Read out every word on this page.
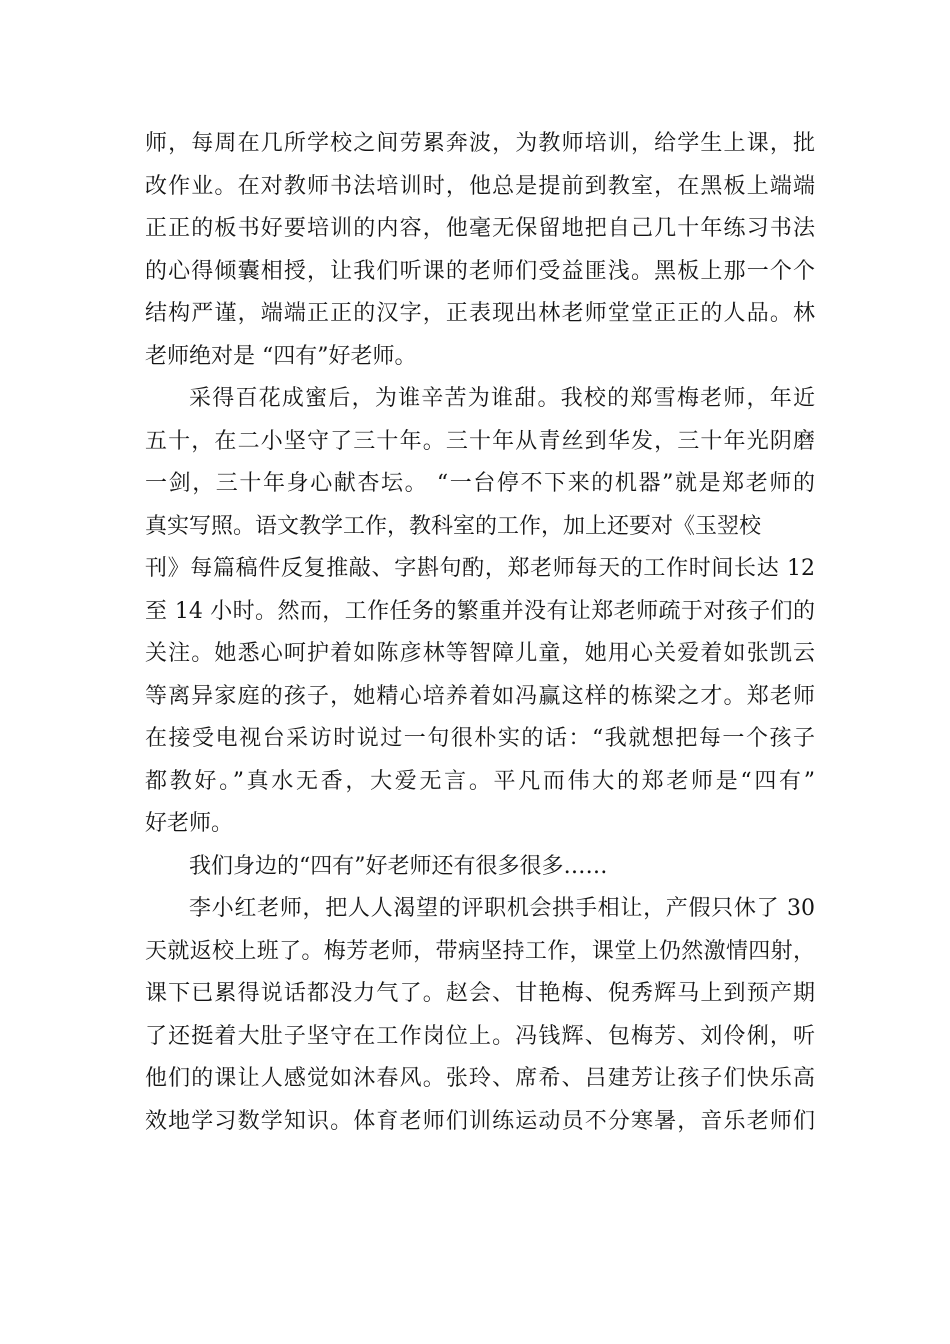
师，每周在几所学校之间劳累奔波，为教师培训，给学生上课，批
改作业。在对教师书法培训时，他总是提前到教室，在黑板上端端
正正的板书好要培训的内容，他毫无保留地把自己几十年练习书法
的心得倾囊相授，让我们听课的老师们受益匪浅。黑板上那一个个
结构严谨，端端正正的汉字，正表现出林老师堂堂正正的人品。林
老师绝对是 “四有”好老师。
采得百花成蜜后，为谁辛苦为谁甜。我校的郑雪梅老师，年近
五十，在二小坚守了三十年。三十年从青丝到华发，三十年光阴磨
一剑，三十年身心献杏坛。 “一台停不下来的机器”就是郑老师的
真实写照。语文教学工作，教科室的工作，加上还要对《玉翌校
刊》每篇稿件反复推敲、字斟句酌，郑老师每天的工作时间长达 12
至 14 小时。然而，工作任务的繁重并没有让郑老师疏于对孩子们的
关注。她悉心呵护着如陈彦林等智障儿童，她用心关爱着如张凯云
等离异家庭的孩子，她精心培养着如冯赢这样的栋梁之才。郑老师
在接受电视台采访时说过一句很朴实的话：“我就想把每一个孩子
都教好。”真水无香，大爱无言。平凡而伟大的郑老师是“四有”
好老师。
我们身边的“四有”好老师还有很多很多……
李小红老师，把人人渴望的评职机会拱手相让，产假只休了 30
天就返校上班了。梅芳老师，带病坚持工作，课堂上仍然激情四射，
课下已累得说话都没力气了。赵会、甘艳梅、倪秀辉马上到预产期
了还挺着大肚子坚守在工作岗位上。冯钱辉、包梅芳、刘伶俐，听
他们的课让人感觉如沐春风。张玲、席希、吕建芳让孩子们快乐高
效地学习数学知识。体育老师们训练运动员不分寒暑，音乐老师们
